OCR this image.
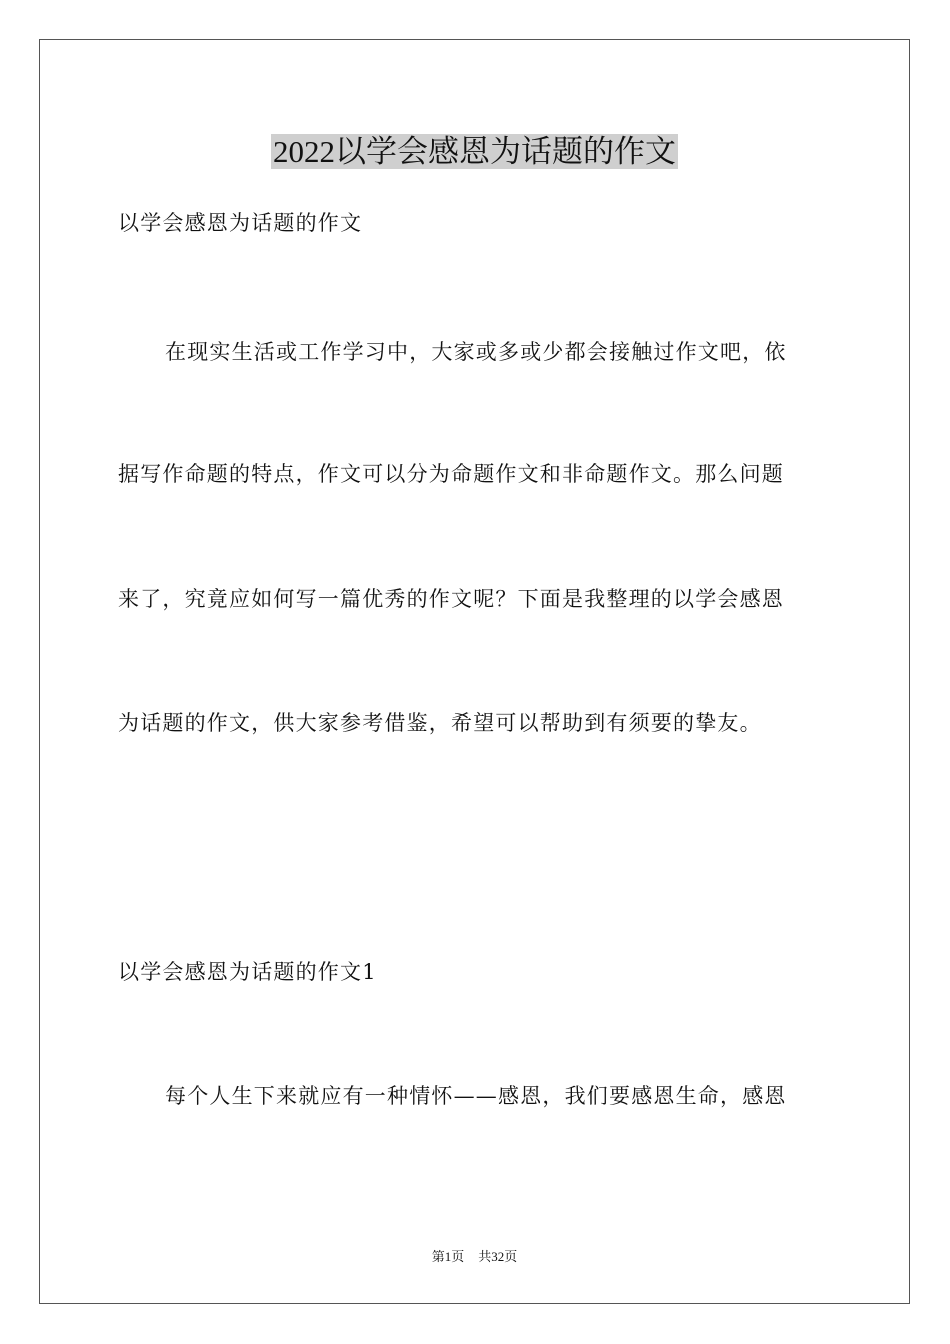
2022以学会感恩为话题的作文
以学会感恩为话题的作文
在现实生活或工作学习中，大家或多或少都会接触过作文吧，依
据写作命题的特点，作文可以分为命题作文和非命题作文。那么问题
来了，究竟应如何写一篇优秀的作文呢？下面是我整理的以学会感恩
为话题的作文，供大家参考借鉴，希望可以帮助到有须要的挚友。
以学会感恩为话题的作文1
每个人生下来就应有一种情怀——感恩，我们要感恩生命，感恩
第1页 共32页
